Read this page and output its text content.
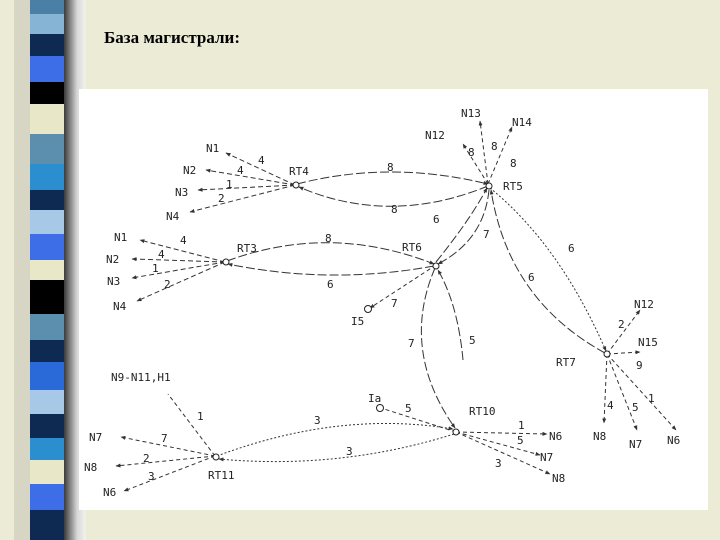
База магистрали:
RT4
RT5
RT3	RT6
RT7
RT10
RT11
I5
Ia
N1
N2
N3
N4
N1
N2
N3
N4
N12
N13
N14
N12
N15
N8
N7 N6
N6
N7
N8
N9-N11,H1
N7
N8
N6
4
4
1
2
8
8
8 8
8
4
4
1
2
8
6
6
7
7
7	5
6
6
2
9
4 5
1
5
1
5
3
3
3
1
7
2
3
